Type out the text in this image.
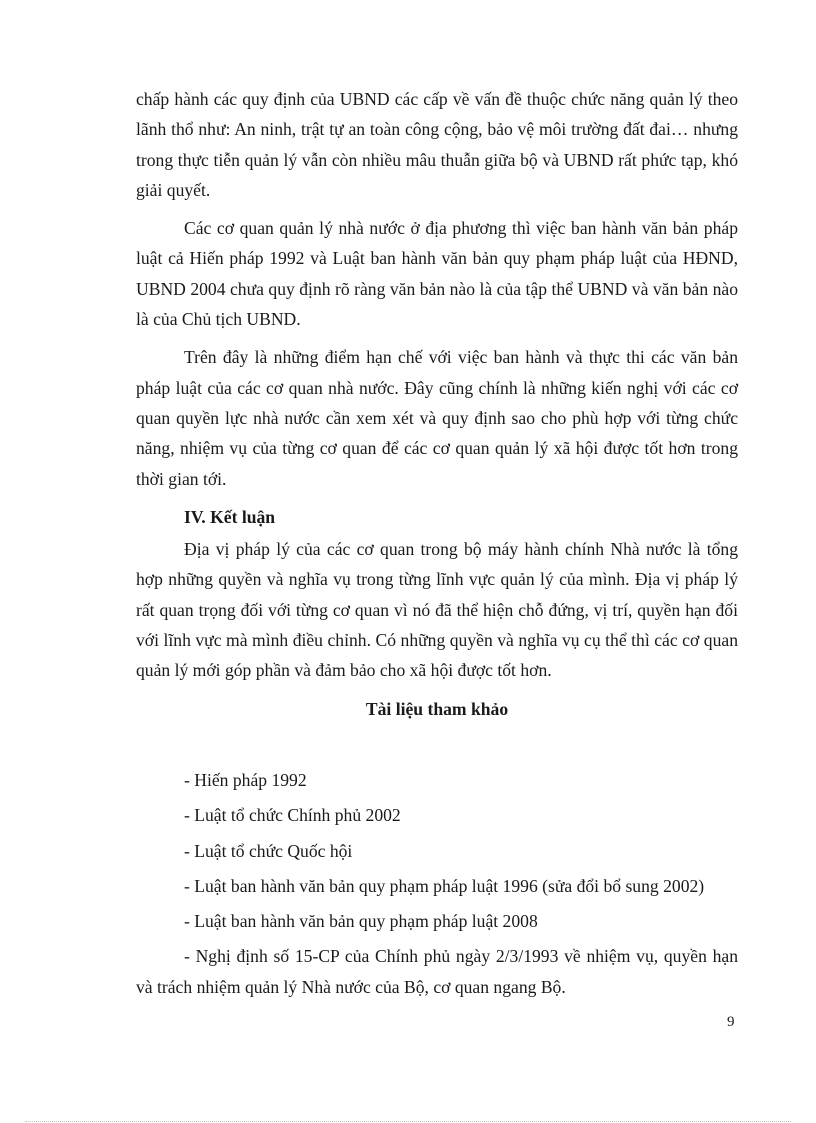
chấp hành các quy định của UBND các cấp về vấn đề thuộc chức năng quản lý theo lãnh thổ như: An ninh, trật tự an toàn công cộng, bảo vệ môi trường đất đai… nhưng trong thực tiễn quản lý vẫn còn nhiều mâu thuẫn giữa bộ và UBND rất phức tạp, khó giải quyết.

Các cơ quan quản lý nhà nước ở địa phương thì việc ban hành văn bản pháp luật cả Hiến pháp 1992 và Luật ban hành văn bản quy phạm pháp luật của HĐND, UBND 2004 chưa quy định rõ ràng văn bản nào là của tập thể UBND và văn bản nào là của Chủ tịch UBND.

Trên đây là những điểm hạn chế với việc ban hành và thực thi các văn bản pháp luật của các cơ quan nhà nước. Đây cũng chính là những kiến nghị với các cơ quan quyền lực nhà nước cần xem xét và quy định sao cho phù hợp với từng chức năng, nhiệm vụ của từng cơ quan để các cơ quan quản lý xã hội được tốt hơn trong thời gian tới.

IV. Kết luận

Địa vị pháp lý của các cơ quan trong bộ máy hành chính Nhà nước là tổng hợp những quyền và nghĩa vụ trong từng lĩnh vực quản lý của mình. Địa vị pháp lý rất quan trọng đối với từng cơ quan vì nó đã thể hiện chỗ đứng, vị trí, quyền hạn đối với lĩnh vực mà mình điều chỉnh. Có những quyền và nghĩa vụ cụ thể thì các cơ quan quản lý mới góp phần và đảm bảo cho xã hội được tốt hơn.

Tài liệu tham khảo

- Hiến pháp 1992

- Luật tổ chức Chính phủ 2002

- Luật tổ chức Quốc hội

- Luật ban hành văn bản quy phạm pháp luật 1996 (sửa đổi bổ sung 2002)

- Luật ban hành văn bản quy phạm pháp luật 2008

- Nghị định số 15-CP của Chính phủ ngày 2/3/1993 về nhiệm vụ, quyền hạn và trách nhiệm quản lý Nhà nước của Bộ, cơ quan ngang Bộ.

9
